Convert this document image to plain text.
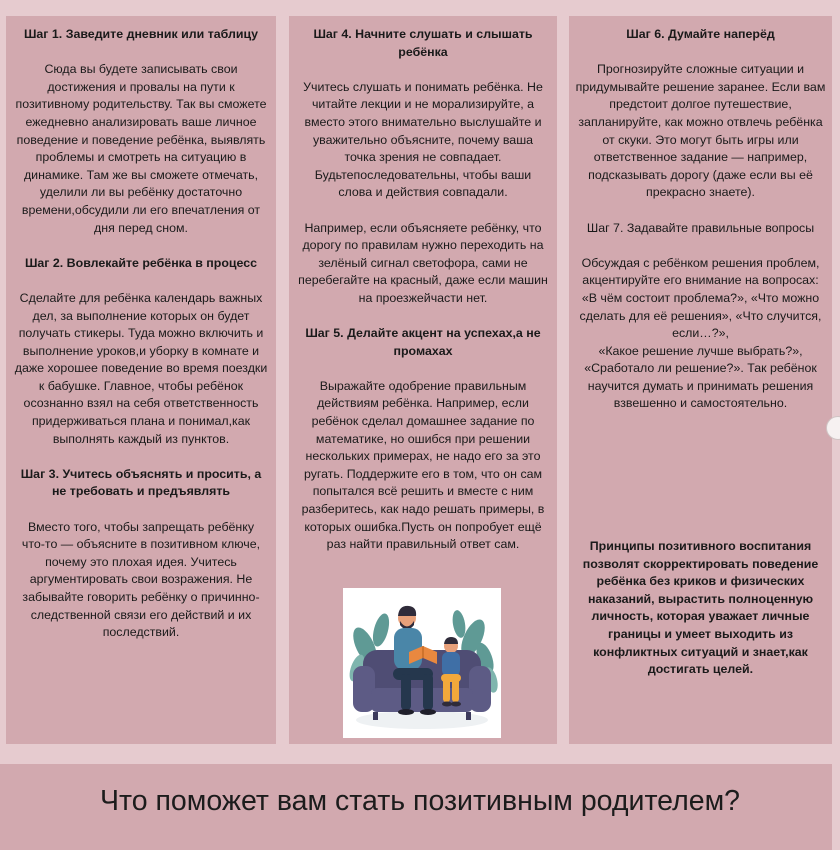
Шаг 1. Заведите дневник или таблицу

Сюда вы будете записывать свои

достижения и провалы на пути к

позитивному родительству. Так вы сможете

ежедневно анализировать ваше личное

поведение и поведение ребёнка, выявлять

проблемы и смотреть на ситуацию в

динамике. Там же вы сможете отмечать,

уделили ли вы ребёнку достаточно

времени,обсудили ли его впечатления от

дня перед сном.

Шаг 2. Вовлекайте ребёнка в процесс

Сделайте для ребёнка календарь важных

дел, за выполнение которых он будет

получать стикеры. Туда можно включить и

выполнение уроков,и уборку в комнате и

даже хорошее поведение во время поездки

к бабушке. Главное, чтобы ребёнок

осознанно взял на себя ответственность

придерживаться плана и понимал,как

выполнять каждый из пунктов.

Шаг 3. Учитесь объяснять и просить, а

не требовать и предъявлять

Вместо того, чтобы запрещать ребёнку

что-то — объясните в позитивном ключе,

почему это плохая идея. Учитесь

аргументировать свои возражения. Не

забывайте говорить ребёнку о причинно-

следственной связи его действий и их

последствий.

Шаг 4. Начните слушать и слышать

ребёнка

Учитесь слушать и понимать ребёнка. Не

читайте лекции и не морализируйте, а

вместо этого внимательно выслушайте и

уважительно объясните, почему ваша

точка зрения не совпадает.

Будьтепоследовательны, чтобы ваши

слова и действия совпадали.

Например, если объясняете ребёнку, что

дорогу по правилам нужно переходить на

зелёный сигнал светофора, сами не

перебегайте на красный, даже если машин

на проезжейчасти нет.

Шаг 5. Делайте акцент на успехах,а не

промахах

Выражайте одобрение правильным

действиям ребёнка. Например, если

ребёнок сделал домашнее задание по

математике, но ошибся при решении

нескольких примерах, не надо его за это

ругать. Поддержите его в том, что он сам

попытался всё решить и вместе с ним

разберитесь, как надо решать примеры, в

которых ошибка.Пусть он попробует ещё

раз найти правильный ответ сам.

Шаг 6. Думайте наперёд

Прогнозируйте сложные ситуации и

придумывайте решение заранее. Если вам

предстоит долгое путешествие,

запланируйте, как можно отвлечь ребёнка

от скуки. Это могут быть игры или

ответственное задание — например,

подсказывать дорогу (даже если вы её

прекрасно знаете).

Шаг 7. Задавайте правильные вопросы

Обсуждая с ребёнком решения проблем,

акцентируйте его внимание на вопросах:

«В чём состоит проблема?», «Что можно

сделать для её решения», «Что случится,

если…?»,

«Какое решение лучше выбрать?»,

«Сработало ли решение?». Так ребёнок

научится думать и принимать решения

взвешенно и самостоятельно.

Принципы позитивного воспитания

позволят скорректировать поведение

ребёнка без криков и физических

наказаний, вырастить полноценную

личность, которая уважает личные

границы и умеет выходить из

конфликтных ситуаций и знает,как

достигать целей.

Что поможет вам стать позитивным родителем?
